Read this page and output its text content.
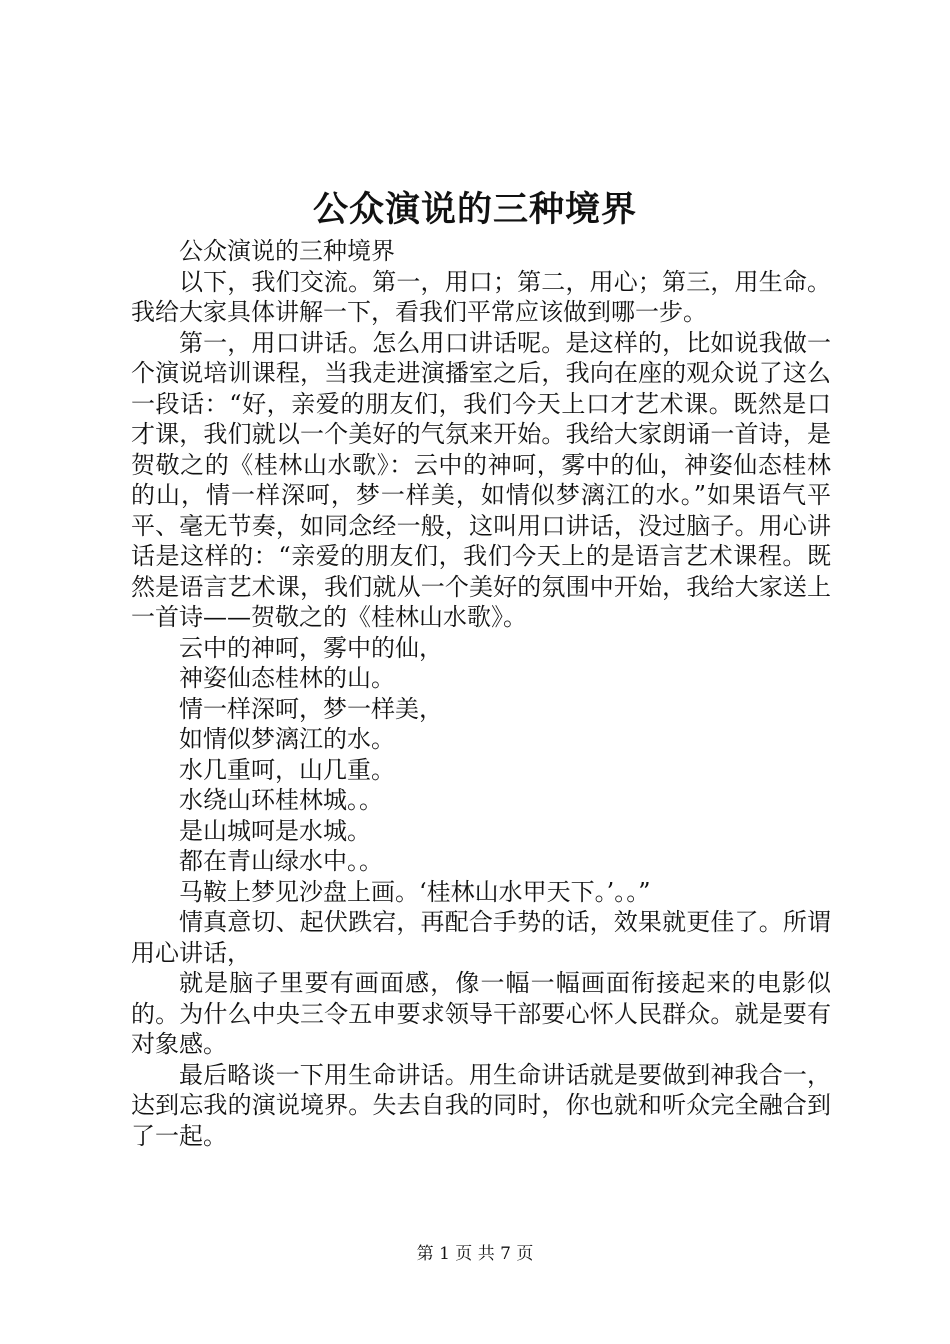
公众演说的三种境界

公众演说的三种境界

以下，我们交流。第一，用口；第二，用心；第三，用生命。我给大家具体讲解一下，看我们平常应该做到哪一步。

第一，用口讲话。怎么用口讲话呢。是这样的，比如说我做一个演说培训课程，当我走进演播室之后，我向在座的观众说了这么一段话：“好，亲爱的朋友们，我们今天上口才艺术课。既然是口才课，我们就以一个美好的气氛来开始。我给大家朗诵一首诗，是贺敬之的《桂林山水歌》：云中的神呵，雾中的仙，神姿仙态桂林的山，情一样深呵，梦一样美，如情似梦漓江的水。”如果语气平平、毫无节奏，如同念经一般，这叫用口讲话，没过脑子。用心讲话是这样的：“亲爱的朋友们，我们今天上的是语言艺术课程。既然是语言艺术课，我们就从一个美好的氛围中开始，我给大家送上一首诗——贺敬之的《桂林山水歌》。

云中的神呵，雾中的仙，

神姿仙态桂林的山。

情一样深呵，梦一样美，

如情似梦漓江的水。

水几重呵，山几重。

水绕山环桂林城。。

是山城呵是水城。

都在青山绿水中。。

马鞍上梦见沙盘上画。‘桂林山水甲天下。’。。”

情真意切、起伏跌宕，再配合手势的话，效果就更佳了。所谓用心讲话，

就是脑子里要有画面感，像一幅一幅画面衔接起来的电影似的。为什么中央三令五申要求领导干部要心怀人民群众。就是要有对象感。

最后略谈一下用生命讲话。用生命讲话就是要做到神我合一，达到忘我的演说境界。失去自我的同时，你也就和听众完全融合到了一起。

第 1 页 共 7 页
